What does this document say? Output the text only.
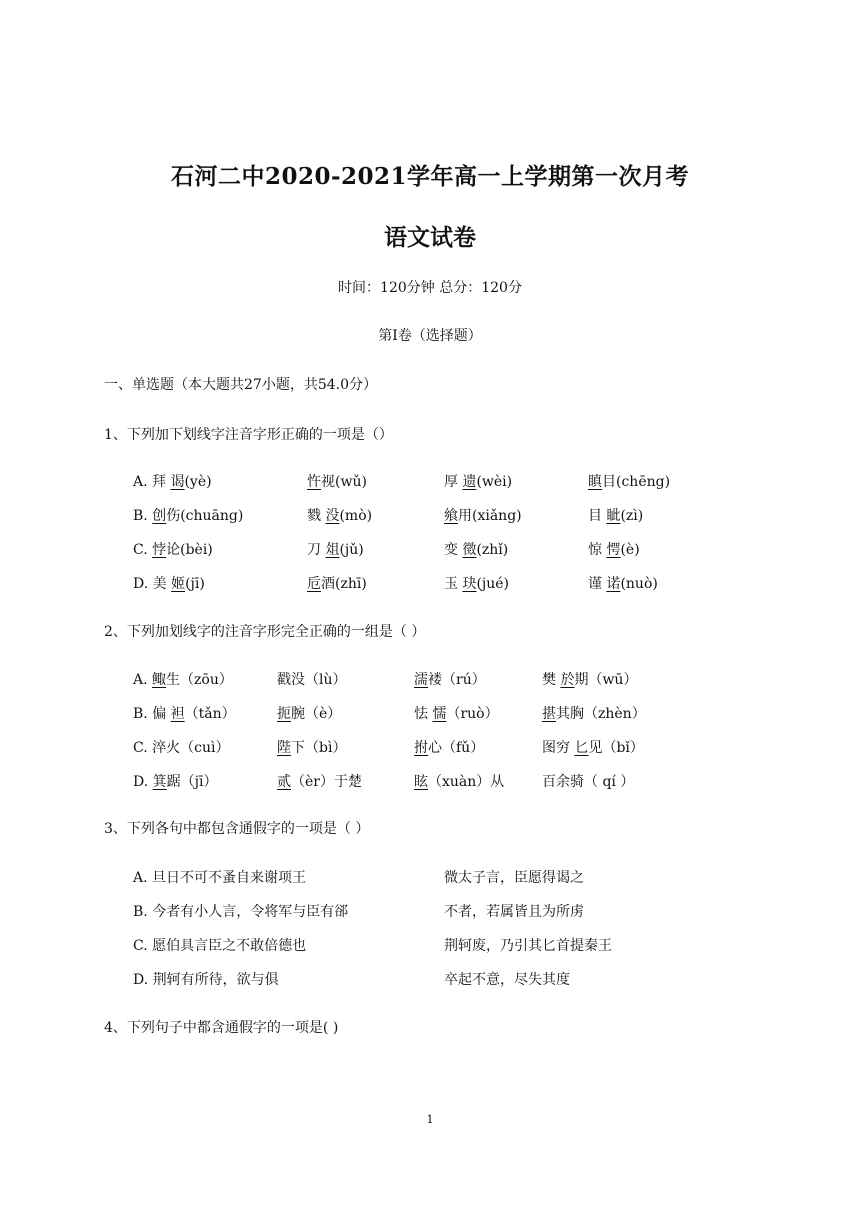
石河二中2020-2021学年高一上学期第一次月考
语文试卷
时间：120分钟 总分：120分
第Ⅰ卷（选择题）
一、单选题（本大题共27小题，共54.0分）
1、下列加下划线字注音字形正确的一项是（）
A. 拜 谒(yè)	忤视(wǔ)	厚 遗(wèi)	瞋目(chēng)
B. 创伤(chuāng)	戮 没(mò)	飨用(xiǎng)	目 眦(zì)
C. 悖论(bèi)	刀 俎(jǔ)	变 徵(zhǐ)	惊 愕(è)
D. 美 姬(jī)	卮酒(zhī)	玉 玦(jué)	谨 诺(nuò)
2、下列加划线字的注音字形完全正确的一组是（ ）
A. 鲰生（zōu）	戳没（lù）	濡褛（rú）	樊 於期（wū）
B. 偏 袒（tǎn）	扼腕（è）	怯 懦（ruò）	揕其胸（zhèn）
C. 淬火（cuì）	陛下（bì）	拊心（fǔ）	图穷 匕见（bǐ）
D. 箕踞（jī）	贰（èr）于楚	眩（xuàn）从	百余骑（ qí ）
3、下列各句中都包含通假字的一项是（ ）
A. 旦日不可不蚤自来谢项王	微太子言，臣愿得谒之
B. 今者有小人言，令将军与臣有郤	不者，若属皆且为所虏
C. 愿伯具言臣之不敢倍德也	荆轲废，乃引其匕首提秦王
D. 荆轲有所待，欲与俱	卒起不意，尽失其度
4、下列句子中都含通假字的一项是( )
1
